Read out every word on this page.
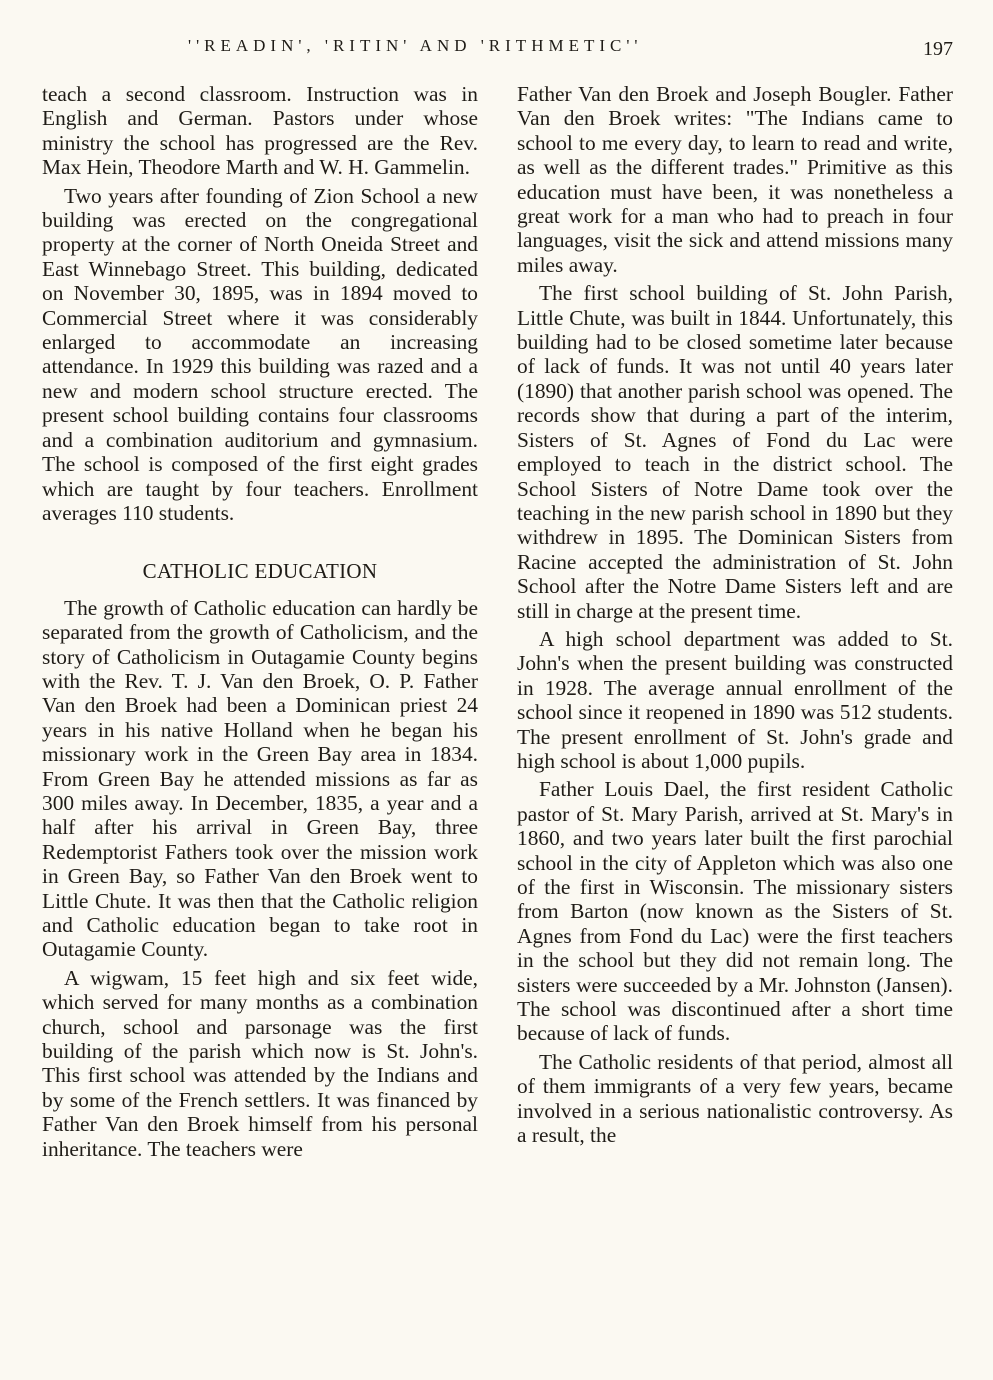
''READIN', 'RITIN' AND 'RITHMETIC''	197

teach a second classroom. Instruction was in English and German. Pastors under whose ministry the school has progressed are the Rev. Max Hein, Theodore Marth and W. H. Gammelin.

Two years after founding of Zion School a new building was erected on the congregational property at the corner of North Oneida Street and East Winnebago Street. This building, dedicated on November 30, 1895, was in 1894 moved to Commercial Street where it was considerably enlarged to accommodate an increasing attendance. In 1929 this building was razed and a new and modern school structure erected. The present school building contains four classrooms and a combination auditorium and gymnasium. The school is composed of the first eight grades which are taught by four teachers. Enrollment averages 110 students.

CATHOLIC EDUCATION

The growth of Catholic education can hardly be separated from the growth of Catholicism, and the story of Catholicism in Outagamie County begins with the Rev. T. J. Van den Broek, O. P. Father Van den Broek had been a Dominican priest 24 years in his native Holland when he began his missionary work in the Green Bay area in 1834. From Green Bay he attended missions as far as 300 miles away. In December, 1835, a year and a half after his arrival in Green Bay, three Redemptorist Fathers took over the mission work in Green Bay, so Father Van den Broek went to Little Chute. It was then that the Catholic religion and Catholic education began to take root in Outagamie County.

A wigwam, 15 feet high and six feet wide, which served for many months as a combination church, school and parsonage was the first building of the parish which now is St. John's. This first school was attended by the Indians and by some of the French settlers. It was financed by Father Van den Broek himself from his personal inheritance. The teachers were

Father Van den Broek and Joseph Bougler. Father Van den Broek writes: "The Indians came to school to me every day, to learn to read and write, as well as the different trades." Primitive as this education must have been, it was nonetheless a great work for a man who had to preach in four languages, visit the sick and attend missions many miles away.

The first school building of St. John Parish, Little Chute, was built in 1844. Unfortunately, this building had to be closed sometime later because of lack of funds. It was not until 40 years later (1890) that another parish school was opened. The records show that during a part of the interim, Sisters of St. Agnes of Fond du Lac were employed to teach in the district school. The School Sisters of Notre Dame took over the teaching in the new parish school in 1890 but they withdrew in 1895. The Dominican Sisters from Racine accepted the administration of St. John School after the Notre Dame Sisters left and are still in charge at the present time.

A high school department was added to St. John's when the present building was constructed in 1928. The average annual enrollment of the school since it reopened in 1890 was 512 students. The present enrollment of St. John's grade and high school is about 1,000 pupils.

Father Louis Dael, the first resident Catholic pastor of St. Mary Parish, arrived at St. Mary's in 1860, and two years later built the first parochial school in the city of Appleton which was also one of the first in Wisconsin. The missionary sisters from Barton (now known as the Sisters of St. Agnes from Fond du Lac) were the first teachers in the school but they did not remain long. The sisters were succeeded by a Mr. Johnston (Jansen). The school was discontinued after a short time because of lack of funds.

The Catholic residents of that period, almost all of them immigrants of a very few years, became involved in a serious nationalistic controversy. As a result, the
